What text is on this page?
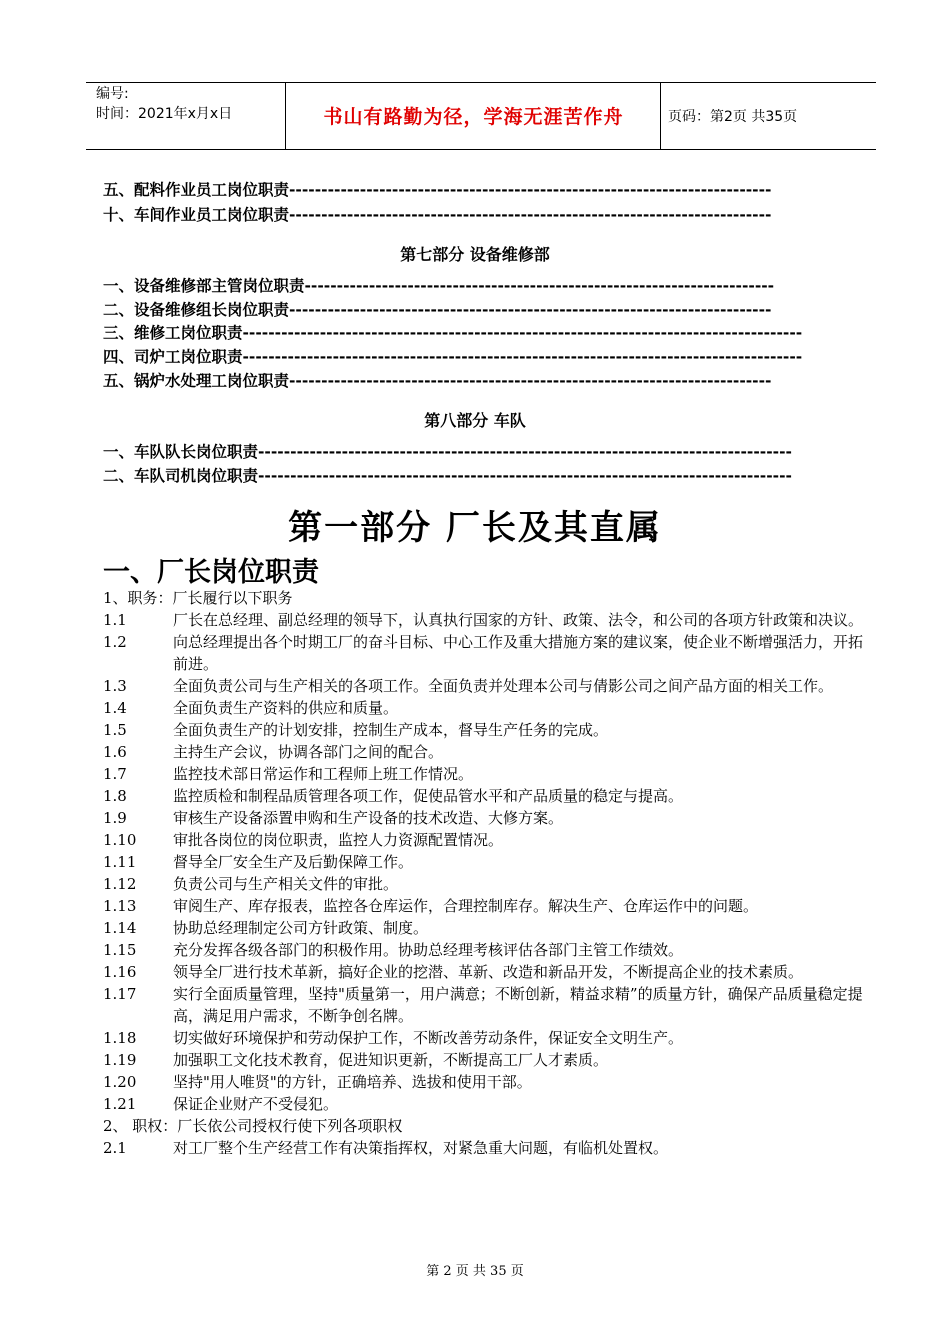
编号:
时间：2021年x月x日	书山有路勤为径，学海无涯苦作舟	页码：第2页 共35页
五、配料作业员工岗位职责---------------------------------------------------------------------------
十、车间作业员工岗位职责---------------------------------------------------------------------------
第七部分 设备维修部
一、设备维修部主管岗位职责-------------------------------------------------------------------------
二、设备维修组长岗位职责---------------------------------------------------------------------------
三、维修工岗位职责---------------------------------------------------------------------------------------
四、司炉工岗位职责---------------------------------------------------------------------------------------
五、锅炉水处理工岗位职责---------------------------------------------------------------------------
第八部分 车队
一、车队队长岗位职责-----------------------------------------------------------------------------------
二、车队司机岗位职责-----------------------------------------------------------------------------------
第一部分 厂长及其直属
一、厂长岗位职责
1、职务：厂长履行以下职务
1.1	厂长在总经理、副总经理的领导下，认真执行国家的方针、政策、法令，和公司的各项方针政策和决议。
1.2	向总经理提出各个时期工厂的奋斗目标、中心工作及重大措施方案的建议案，使企业不断增强活力，开拓前进。
1.3	全面负责公司与生产相关的各项工作。全面负责并处理本公司与倩影公司之间产品方面的相关工作。
1.4	全面负责生产资料的供应和质量。
1.5	全面负责生产的计划安排，控制生产成本，督导生产任务的完成。
1.6	主持生产会议，协调各部门之间的配合。
1.7	监控技术部日常运作和工程师上班工作情况。
1.8	监控质检和制程品质管理各项工作，促使品管水平和产品质量的稳定与提高。
1.9	审核生产设备添置申购和生产设备的技术改造、大修方案。
1.10	审批各岗位的岗位职责，监控人力资源配置情况。
1.11	督导全厂安全生产及后勤保障工作。
1.12	负责公司与生产相关文件的审批。
1.13	审阅生产、库存报表，监控各仓库运作，合理控制库存。解决生产、仓库运作中的问题。
1.14	协助总经理制定公司方针政策、制度。
1.15	充分发挥各级各部门的积极作用。协助总经理考核评估各部门主管工作绩效。
1.16	领导全厂进行技术革新，搞好企业的挖潜、革新、改造和新品开发，不断提高企业的技术素质。
1.17	实行全面质量管理，坚持"质量第一，用户满意；不断创新，精益求精”的质量方针，确保产品质量稳定提高，满足用户需求，不断争创名牌。
1.18	切实做好环境保护和劳动保护工作，不断改善劳动条件，保证安全文明生产。
1.19	加强职工文化技术教育，促进知识更新，不断提高工厂人才素质。
1.20	坚持"用人唯贤"的方针，正确培养、选拔和使用干部。
1.21	保证企业财产不受侵犯。
2、 职权：厂长依公司授权行使下列各项职权
2.1	对工厂整个生产经营工作有决策指挥权，对紧急重大问题，有临机处置权。
第 2 页 共 35 页
